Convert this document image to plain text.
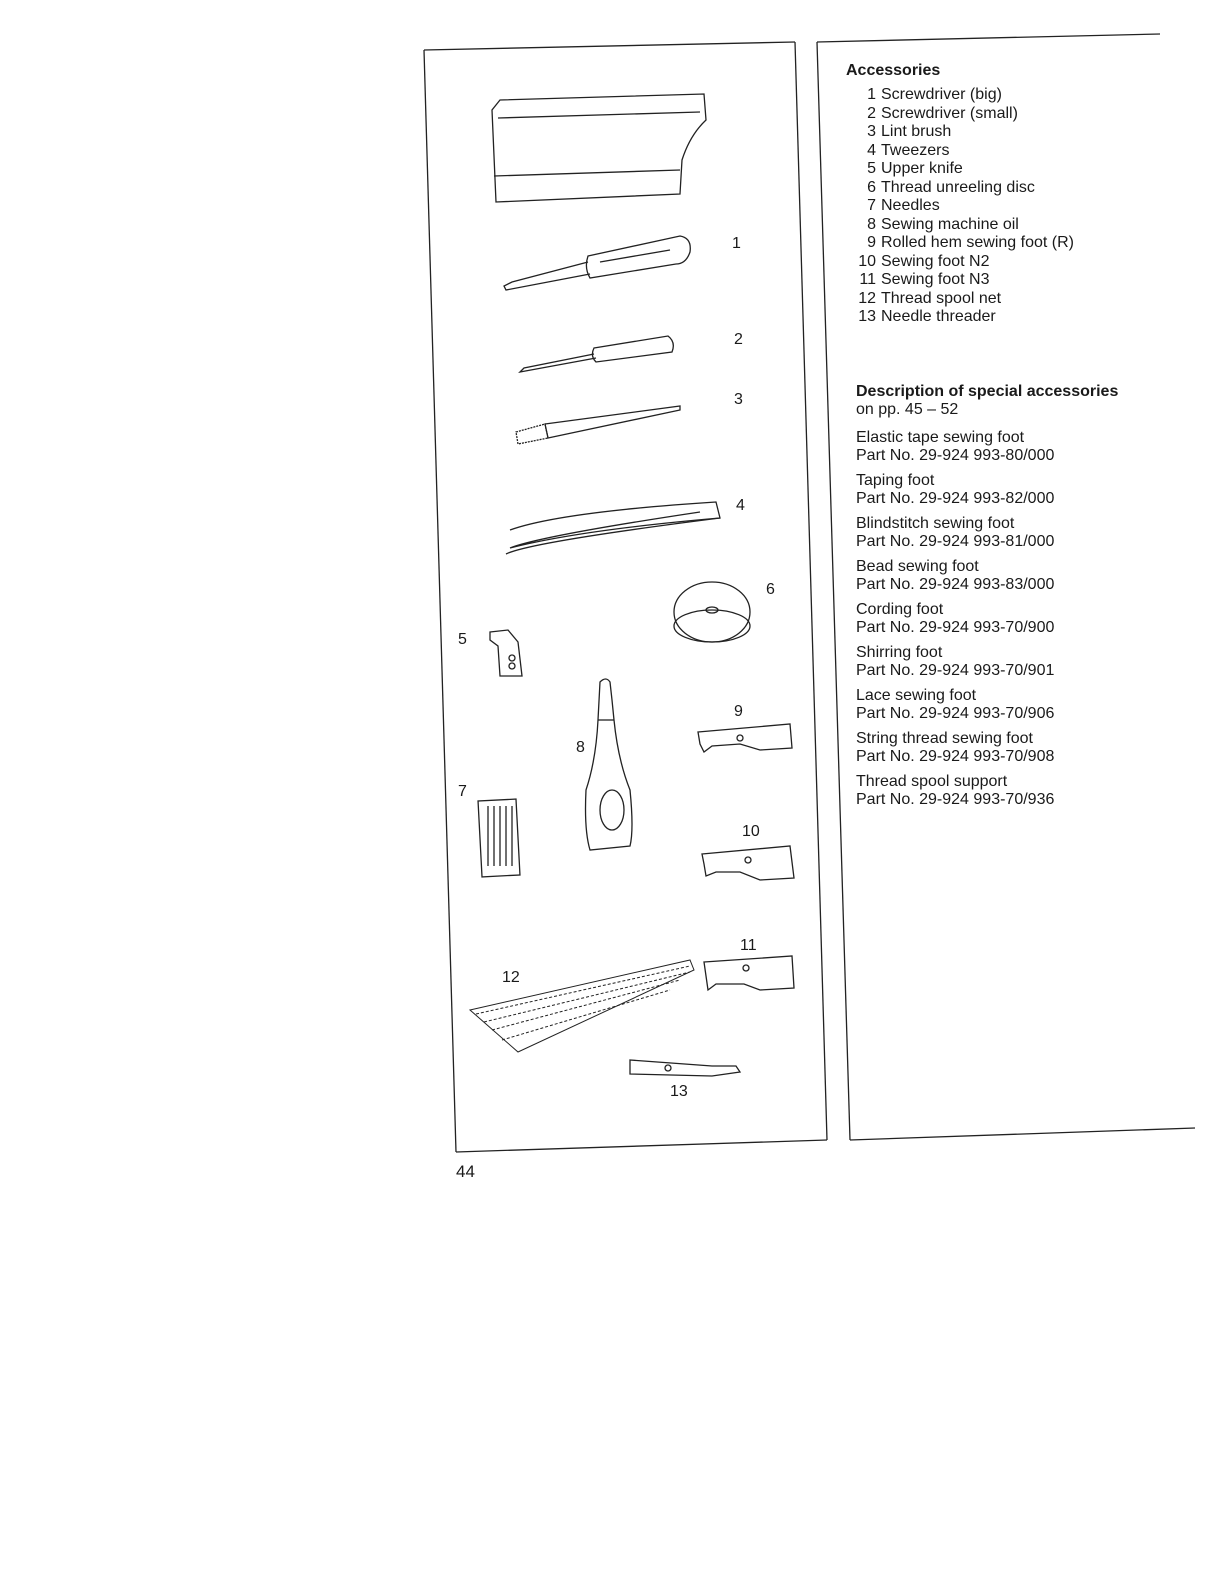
1
2
3
4
5
6
7
8
9
10
11
12
13
44
Accessories
1 Screwdriver (big)
2 Screwdriver (small)
3 Lint brush
4 Tweezers
5 Upper knife
6 Thread unreeling disc
7 Needles
8 Sewing machine oil
9 Rolled hem sewing foot (R)
10 Sewing foot N2
11 Sewing foot N3
12 Thread spool net
13 Needle threader
Description of special accessories
on pp. 45 – 52
Elastic tape sewing foot
Part No. 29-924 993-80/000
Taping foot
Part No. 29-924 993-82/000
Blindstitch sewing foot
Part No. 29-924 993-81/000
Bead sewing foot
Part No. 29-924 993-83/000
Cording foot
Part No. 29-924 993-70/900
Shirring foot
Part No. 29-924 993-70/901
Lace sewing foot
Part No. 29-924 993-70/906
String thread sewing foot
Part No. 29-924 993-70/908
Thread spool support
Part No. 29-924 993-70/936
